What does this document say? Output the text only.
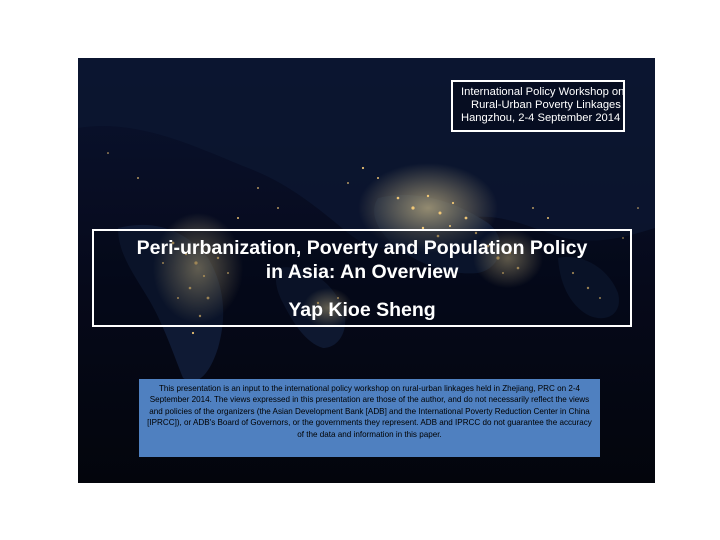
International Policy Workshop on
Rural-Urban Poverty Linkages
Hangzhou, 2-4 September 2014
Peri-urbanization, Poverty and Population Policy
in Asia: An Overview
Yap Kioe Sheng
This presentation is an input to the international policy workshop on rural-urban linkages held in Zhejiang, PRC on 2-4 September 2014. The views expressed in this presentation are those of the author, and do not necessarily reflect the views and policies of the organizers (the Asian Development Bank [ADB] and the International Poverty Reduction Center in China [IPRCC]), or ADB's Board of Governors, or the governments they represent. ADB and IPRCC do not guarantee the accuracy of the data and information in this paper.
